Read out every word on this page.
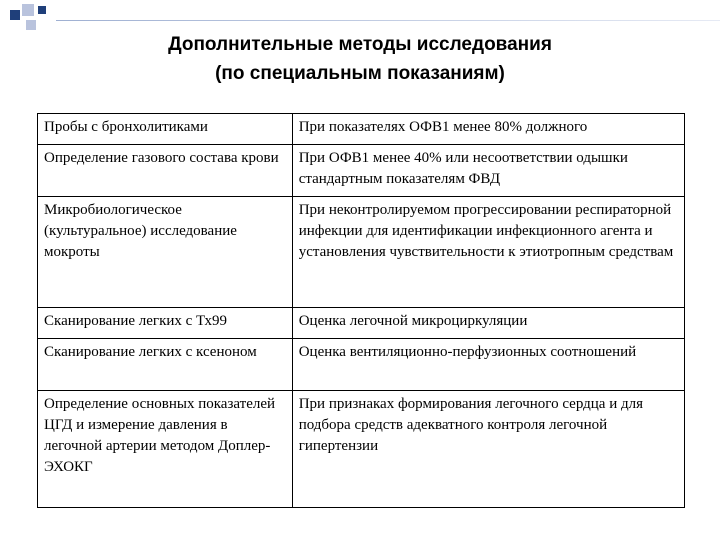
Дополнительные методы исследования
(по специальным показаниям)
Пробы с бронхолитиками	При показателях ОФВ1 менее 80% должного
Определение газового состава крови	При ОФВ1 менее 40% или несоответствии одышки стандартным показателям ФВД
Микробиологическое (культуральное) исследование мокроты	При неконтролируемом прогрессировании респираторной инфекции для идентификации инфекционного агента и установления чувствительности к этиотропным средствам
Сканирование легких с Тх99	Оценка легочной микроциркуляции
Сканирование легких с ксеноном	Оценка вентиляционно-перфузионных соотношений
Определение основных показателей ЦГД и измерение давления в легочной артерии методом Доплер-ЭХОКГ	При признаках формирования легочного сердца и для подбора средств адекватного контроля легочной гипертензии
